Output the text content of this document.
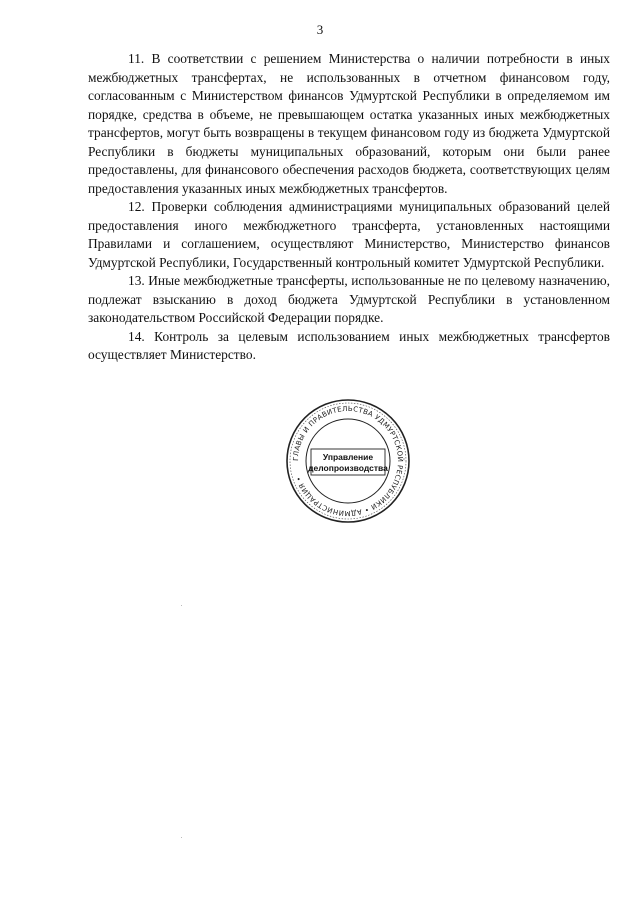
3

11. В соответствии с решением Министерства о наличии потребности в иных межбюджетных трансфертах, не использованных в отчетном финансовом году, согласованным с Министерством финансов Удмуртской Республики в определяемом им порядке, средства в объеме, не превышающем остатка указанных иных межбюджетных трансфертов, могут быть возвращены в текущем финансовом году из бюджета Удмуртской Республики в бюджеты муниципальных образований, которым они были ранее предоставлены, для финансового обеспечения расходов бюджета, соответствующих целям предоставления указанных иных межбюджетных трансфертов.

12. Проверки соблюдения администрациями муниципальных образований целей предоставления иного межбюджетного трансферта, установленных настоящими Правилами и соглашением, осуществляют Министерство, Министерство финансов Удмуртской Республики, Государственный контрольный комитет Удмуртской Республики.

13. Иные межбюджетные трансферты, использованные не по целевому назначению, подлежат взысканию в доход бюджета Удмуртской Республики в установленном законодательством Российской Федерации порядке.

14. Контроль за целевым использованием иных межбюджетных трансфертов осуществляет Министерство.

ГЛАВЫ И ПРАВИТЕЛЬСТВА УДМУРТСКОЙ РЕСПУБЛИКИ • АДМИНИСТРАЦИЯ •
Управление
делопроизводства
